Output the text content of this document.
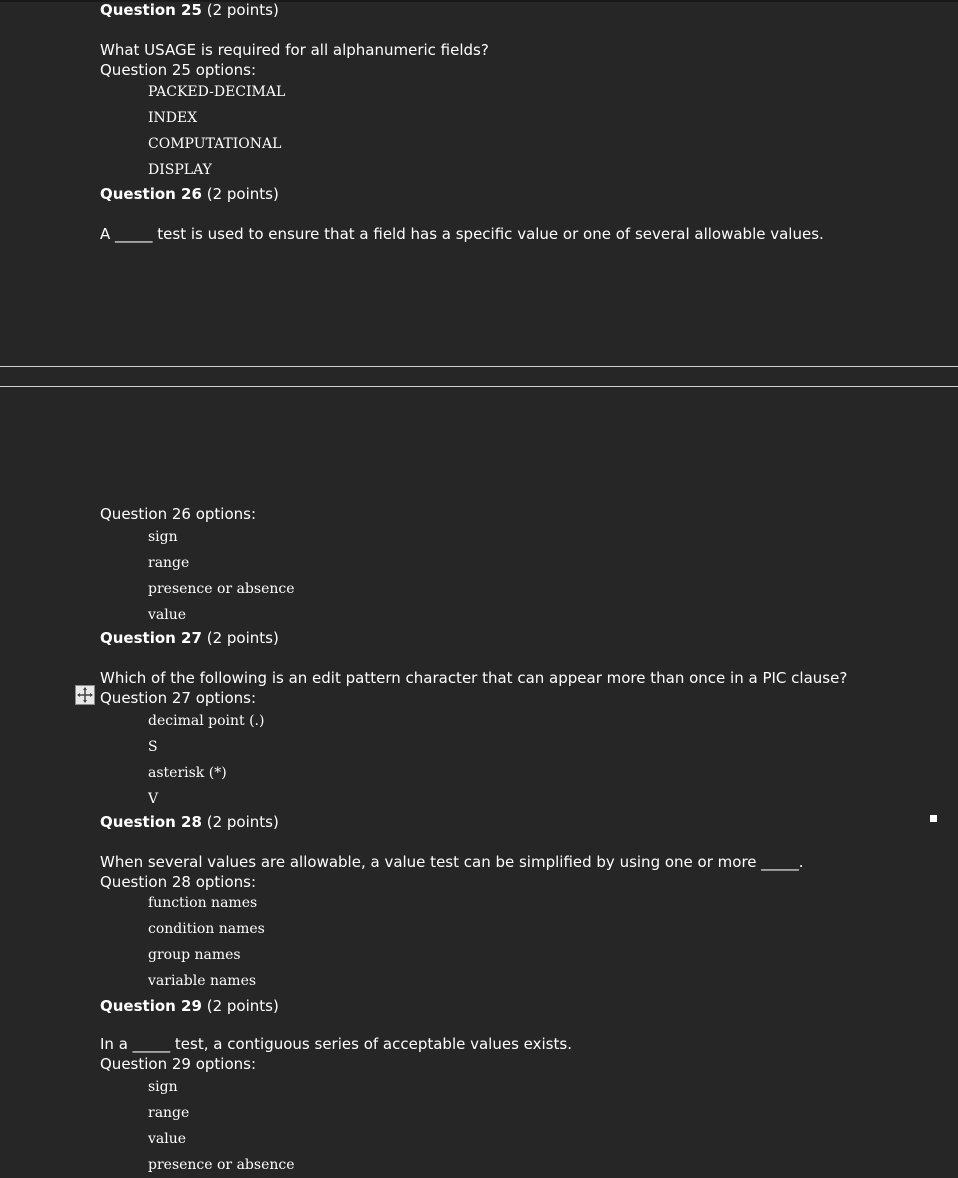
Question 25 (2 points)
What USAGE is required for all alphanumeric fields?
Question 25 options:
PACKED-DECIMAL
INDEX
COMPUTATIONAL
DISPLAY
Question 26 (2 points)
A _____ test is used to ensure that a field has a specific value or one of several allowable values.
Question 26 options:
sign
range
presence or absence
value
Question 27 (2 points)
Which of the following is an edit pattern character that can appear more than once in a PIC clause?
Question 27 options:
decimal point (.)
S
asterisk (*)
V
Question 28 (2 points)
When several values are allowable, a value test can be simplified by using one or more _____.
Question 28 options:
function names
condition names
group names
variable names
Question 29 (2 points)
In a _____ test, a contiguous series of acceptable values exists.
Question 29 options:
sign
range
value
presence or absence
